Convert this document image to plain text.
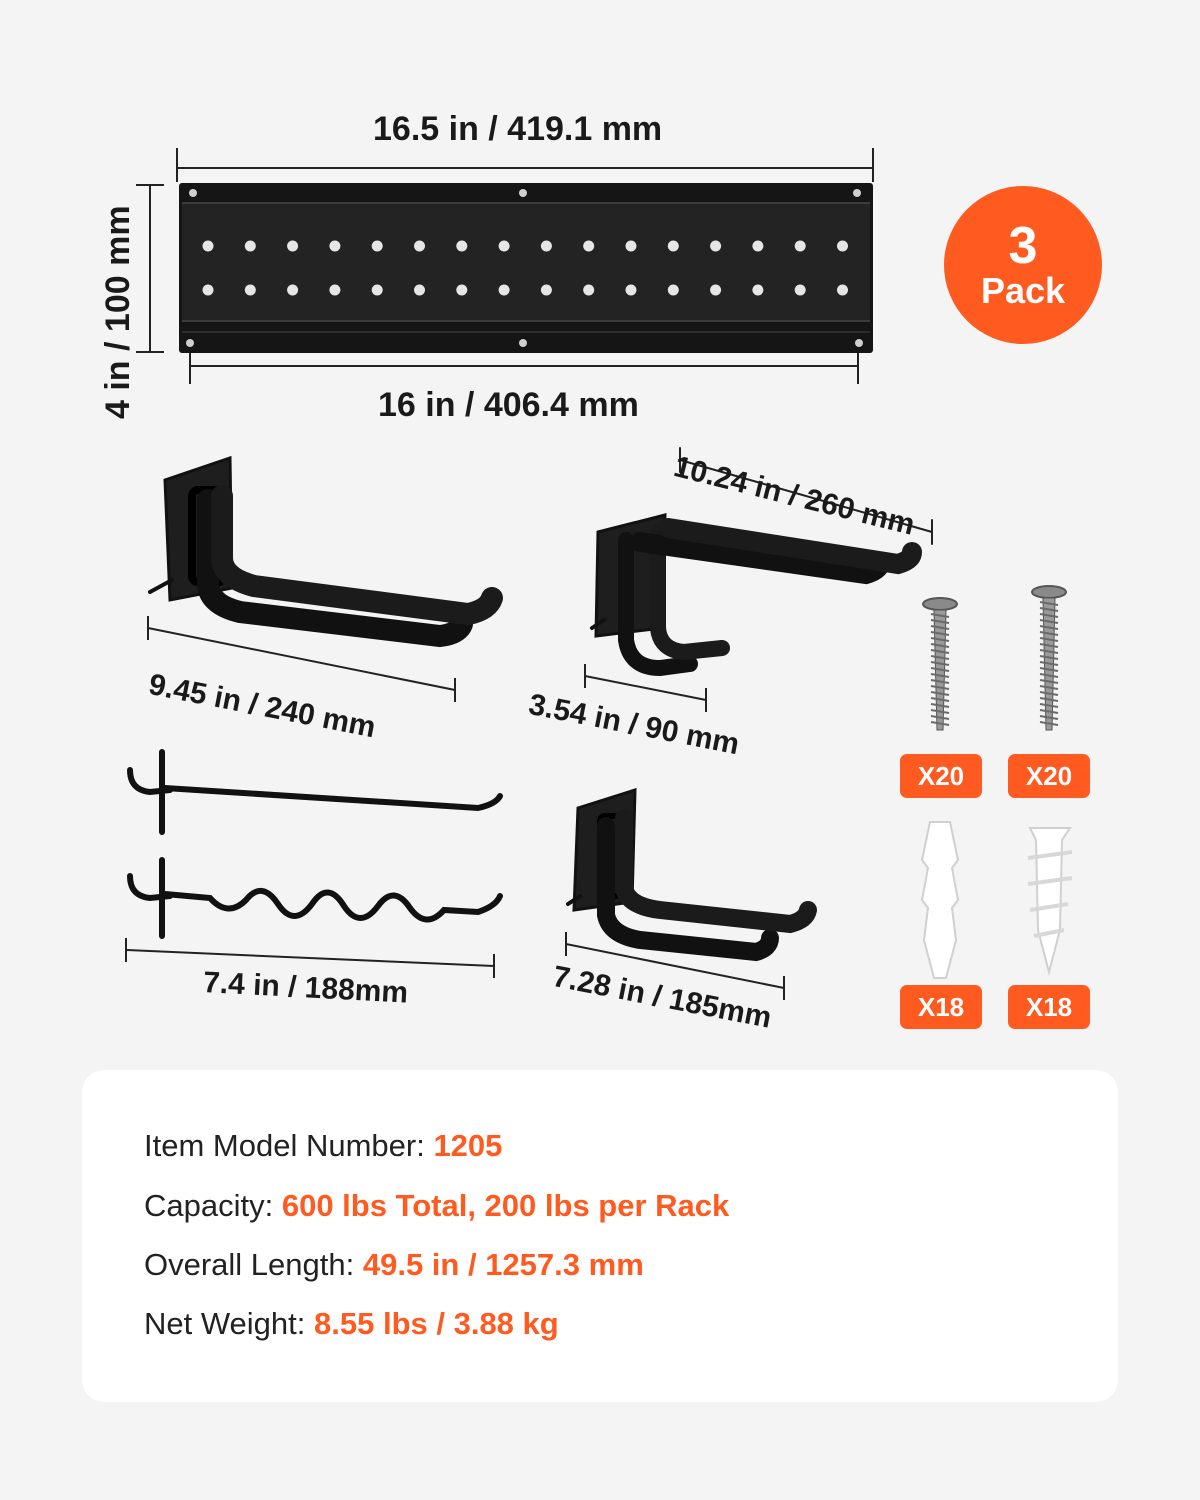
16.5 in / 419.1 mm
16 in / 406.4 mm
4 in / 100 mm	3
Pack
9.45 in / 240 mm
10.24 in / 260 mm
3.54 in / 90 mm
7.4 in / 188mm	7.28 in / 185mm
X20	X20
X18	X18
Item Model Number: 1205
Capacity: 600 lbs Total, 200 lbs per Rack
Overall Length: 49.5 in / 1257.3 mm
Net Weight: 8.55 lbs / 3.88 kg
